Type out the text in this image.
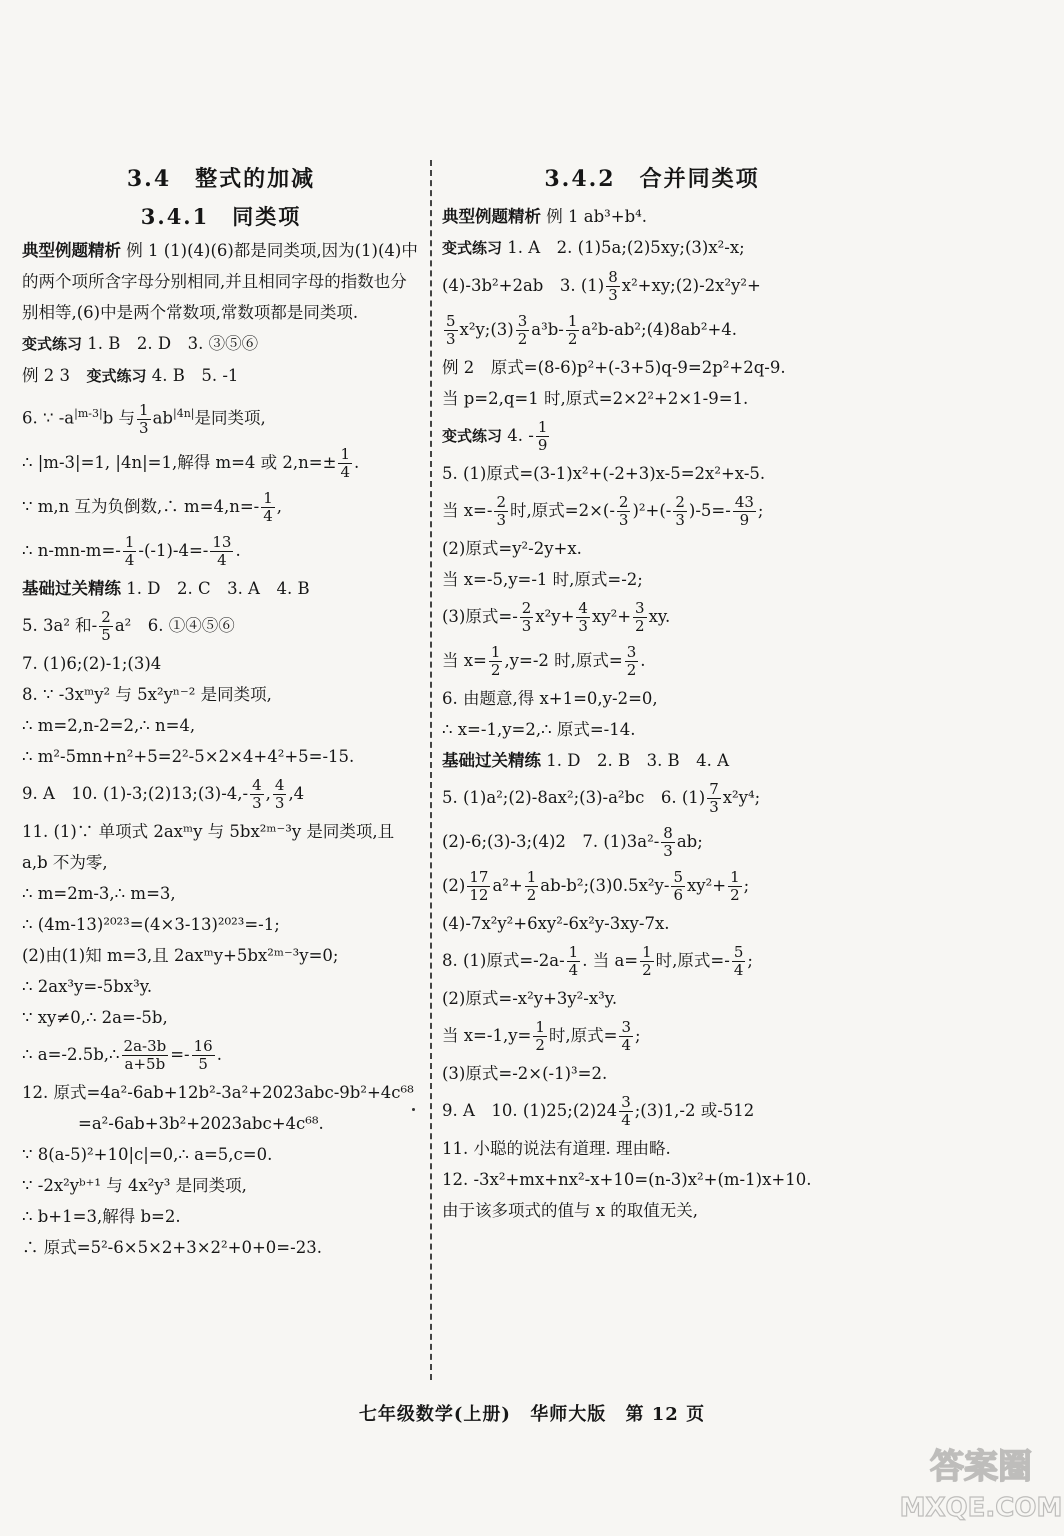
3.4　整式的加减
3.4.1　同类项
典型例题精析 例 1 (1)(4)(6)都是同类项,因为(1)(4)中的两个项所含字母分别相同,并且相同字母的指数也分别相等,(6)中是两个常数项,常数项都是同类项.
变式练习 1. B　2. D　3. ③⑤⑥
例 2 3　变式练习 4. B　5. -1
6. ∵ $-a^{|m-3|}b$ 与 $\frac{1}{3} ab^{|4n|}$是同类项,
∴ |m-3|=1, |4n|=1,解得 m=4 或 $2,n=\pm \frac{1}{4}$ .
∵ m,n 互为负倒数,∴ $m=4,n=- \frac{1}{4}$ ,
∴ $n-mn-m=- \frac{1}{4} -(-1)-4=- \frac{13}{4}$ .
基础过关精练 1. D　2. C　3. A　4. B
5. 3a² 和- $\frac{2}{5} a^2$　6. ①④⑤⑥
7. (1)6;(2)-1;(3)4
8. ∵ -3xᵐy² 与 5x²yⁿ⁻² 是同类项,
∴ m=2,n-2=2,∴ n=4,
∴ m²-5mn+n²+5=2²-5×2×4+4²+5=-15.
9. A　10. (1)-3;(2)13;(3)-4,- $\frac{4}{3}$ , $\frac{4}{3} ,4$
11. (1)∵ 单项式 2axᵐy 与 5bx²ᵐ⁻³y 是同类项,且
a,b 不为零,
∴ m=2m-3,∴ m=3,
∴ (4m-13)²⁰²³=(4×3-13)²⁰²³=-1;
(2)由(1)知 m=3,且 2axᵐy+5bx²ᵐ⁻³y=0;
∴ 2ax³y=-5bx³y.
∵ xy≠0,∴ 2a=-5b,
∴ a=-2.5b,∴ $\frac{2a-3b}{a+5b} =- \frac{16}{5}$ .
12. 原式=4a²-6ab+12b²-3a²+2023abc-9b²+4c⁶⁸
=a²-6ab+3b²+2023abc+4c⁶⁸.
∵ 8(a-5)²+10|c|=0,∴ a=5,c=0.
∵ -2x²yᵇ⁺¹ 与 4x²y³ 是同类项,
∴ b+1=3,解得 b=2.
∴ 原式=5²-6×5×2+3×2²+0+0=-23.
3.4.2　合并同类项
典型例题精析 例 1 ab³+b⁴.
变式练习 1. A　2. (1)5a;(2)5xy;(3)x²-x;
(4)-3b²+2ab　3. $(1) \frac{8}{3}$ x²+xy;(2)-2x²y²+
$\frac{5}{3}$ x²y;(3) $\frac{3}{2} a^3b- \frac{1}{2}$ a²b-ab²;(4)8ab²+4.
例 2　原式=(8-6)p²+(-3+5)q-9=2p²+2q-9.
当 p=2,q=1 时,原式=2×2²+2×1-9=1.
变式练习 4. - $\frac{1}{9}$
5. (1)原式=(3-1)x²+(-2+3)x-5=2x²+x-5.
当 $x=- \frac{2}{3}$ 时,原式$=2\times(- \frac{2}{3} )^2+(- \frac{2}{3} )-5=- \frac{43}{9}$ ;
(2)原式=y²-2y+x.
当 x=-5,y=-1 时,原式=-2;
(3)原式=- $\frac{2}{3} x^2y+ \frac{4}{3} xy^2+ \frac{3}{2}$ xy.
当 $x= \frac{1}{2} ,y=-2$ 时,原式= $\frac{3}{2}$ .
6. 由题意,得 x+1=0,y-2=0,
∴ x=-1,y=2,∴ 原式=-14.
基础过关精练 1. D　2. B　3. B　4. A
5. (1)a²;(2)-8ax²;(3)-a²bc　6. $(1) \frac{7}{3} x^2y^4$;
(2)-6;(3)-3;(4)2　7. $(1)3a^2- \frac{8}{3}$ ab;
$(2) \frac{17}{12} a^2+ \frac{1}{2}$ ab-b²;(3)0.5x²y- $\frac{5}{6} xy^2+ \frac{1}{2}$ ;
(4)-7x²y²+6xy²-6x²y-3xy-7x.
8. (1)原式$=-2a- \frac{1}{4}$ . 当 $a= \frac{1}{2}$ 时,原式=- $\frac{5}{4}$ ;
(2)原式=-x²y+3y²-x³y.
当 $x=-1,y= \frac{1}{2}$ 时,原式= $\frac{3}{4}$ ;
(3)原式=-2×(-1)³=2.
9. A　10. (1)25;(2)24 $\frac{3}{4}$ ;(3)1,-2 或-512
11. 小聪的说法有道理. 理由略.
12. -3x²+mx+nx²-x+10=(n-3)x²+(m-1)x+10.
由于该多项式的值与 x 的取值无关,
七年级数学(上册) 华师大版 第 12 页
答案圈
MXQE.COM
